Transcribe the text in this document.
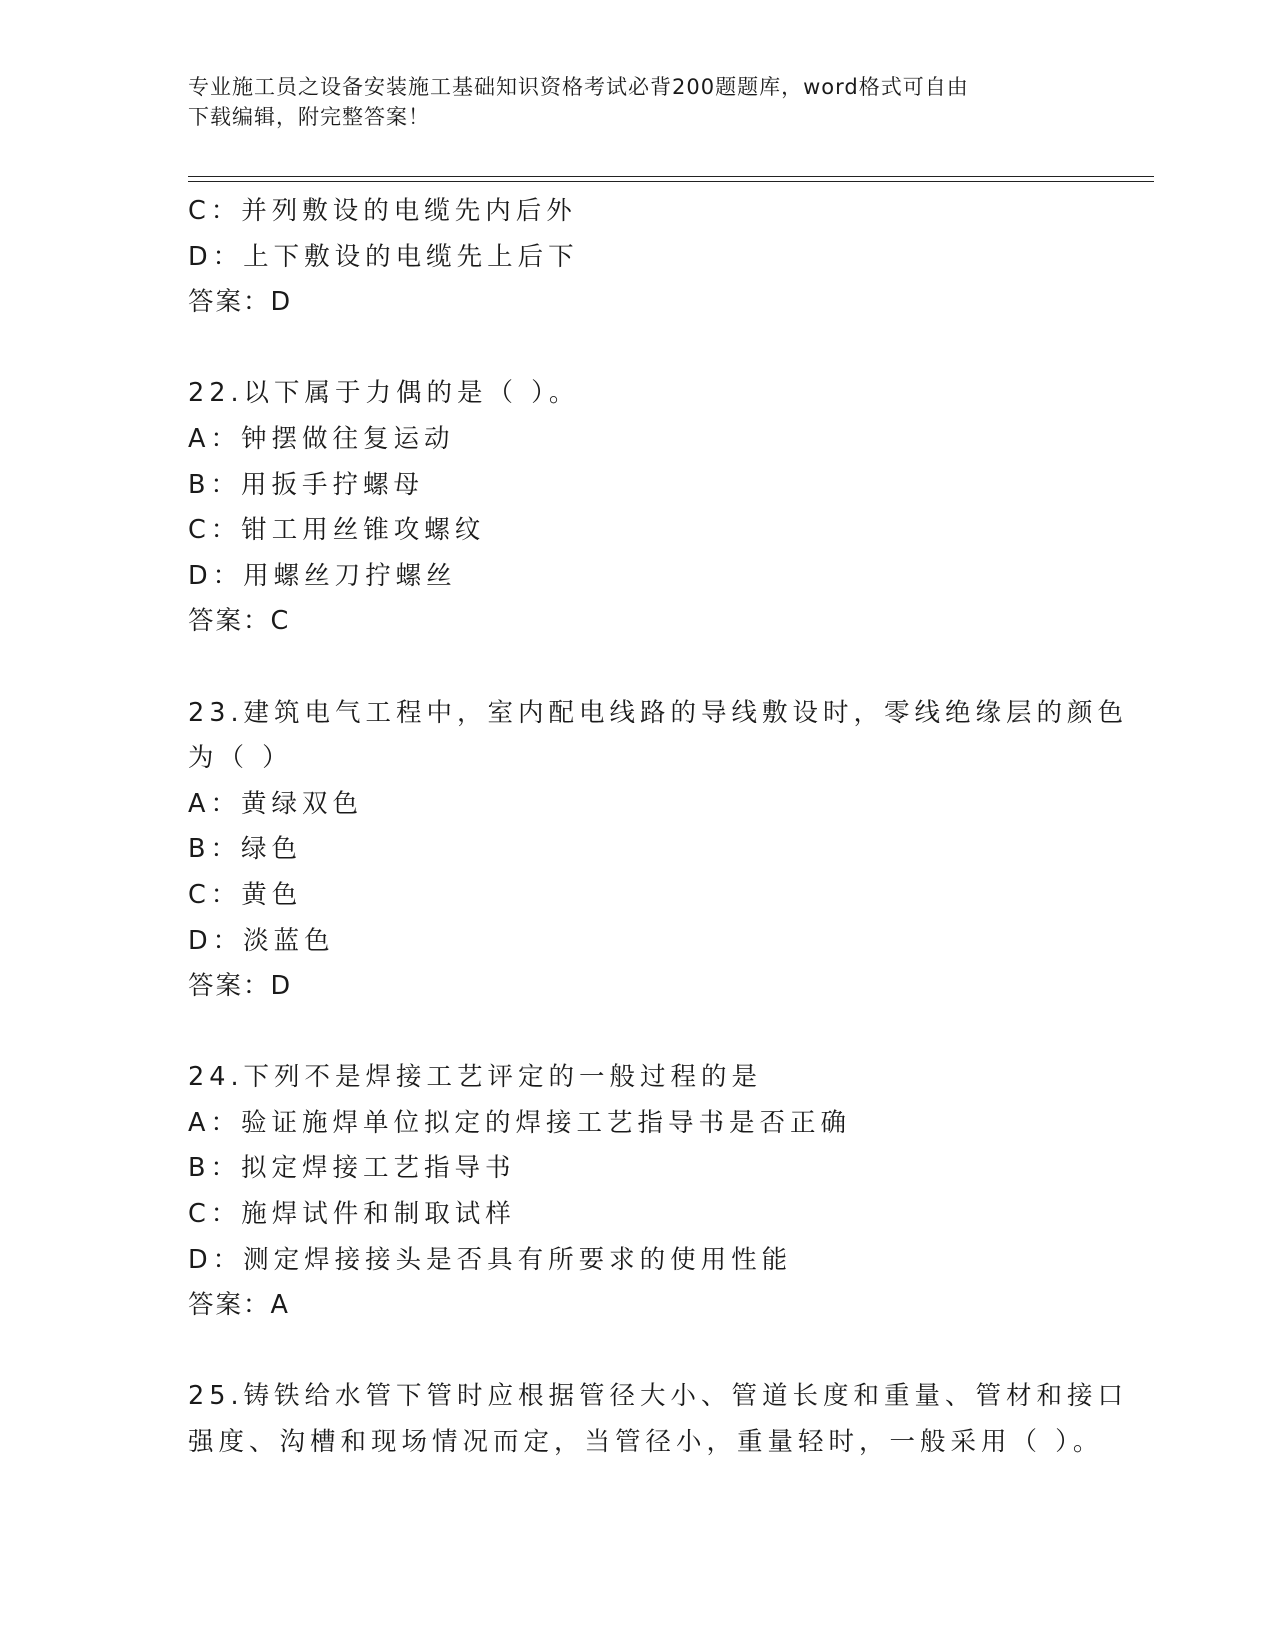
专业施工员之设备安装施工基础知识资格考试必背200题题库，word格式可自由
下载编辑，附完整答案！
C：并列敷设的电缆先内后外
D：上下敷设的电缆先上后下
答案：D
22.以下属于力偶的是（ ）。
A：钟摆做往复运动
B：用扳手拧螺母
C：钳工用丝锥攻螺纹
D：用螺丝刀拧螺丝
答案：C
23.建筑电气工程中，室内配电线路的导线敷设时，零线绝缘层的颜色
为（ ）
A：黄绿双色
B：绿色
C：黄色
D：淡蓝色
答案：D
24.下列不是焊接工艺评定的一般过程的是
A：验证施焊单位拟定的焊接工艺指导书是否正确
B：拟定焊接工艺指导书
C：施焊试件和制取试样
D：测定焊接接头是否具有所要求的使用性能
答案：A
25.铸铁给水管下管时应根据管径大小、管道长度和重量、管材和接口
强度、沟槽和现场情况而定，当管径小，重量轻时，一般采用（ ）。
